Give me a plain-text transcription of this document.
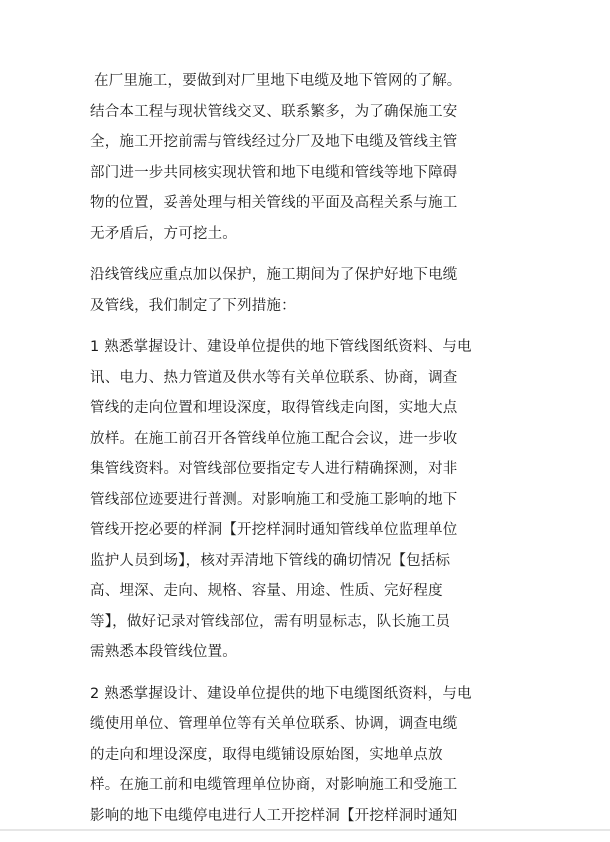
在厂里施工，要做到对厂里地下电缆及地下管网的了解。
结合本工程与现状管线交叉、联系繁多，为了确保施工安
全，施工开挖前需与管线经过分厂及地下电缆及管线主管
部门进一步共同核实现状管和地下电缆和管线等地下障碍
物的位置，妥善处理与相关管线的平面及高程关系与施工
无矛盾后，方可挖土。

沿线管线应重点加以保护，施工期间为了保护好地下电缆
及管线，我们制定了下列措施：

1 熟悉掌握设计、建设单位提供的地下管线图纸资料、与电
讯、电力、热力管道及供水等有关单位联系、协商，调查
管线的走向位置和埋设深度，取得管线走向图，实地大点
放样。在施工前召开各管线单位施工配合会议，进一步收
集管线资料。对管线部位要指定专人进行精确探测，对非
管线部位迹要进行普测。对影响施工和受施工影响的地下
管线开挖必要的样洞【开挖样洞时通知管线单位监理单位
监护人员到场】，核对弄清地下管线的确切情况【包括标
高、埋深、走向、规格、容量、用途、性质、完好程度
等】，做好记录对管线部位，需有明显标志，队长施工员
需熟悉本段管线位置。

2 熟悉掌握设计、建设单位提供的地下电缆图纸资料，与电
缆使用单位、管理单位等有关单位联系、协调，调查电缆
的走向和埋设深度，取得电缆铺设原始图，实地单点放
样。在施工前和电缆管理单位协商，对影响施工和受施工
影响的地下电缆停电进行人工开挖样洞【开挖样洞时通知
